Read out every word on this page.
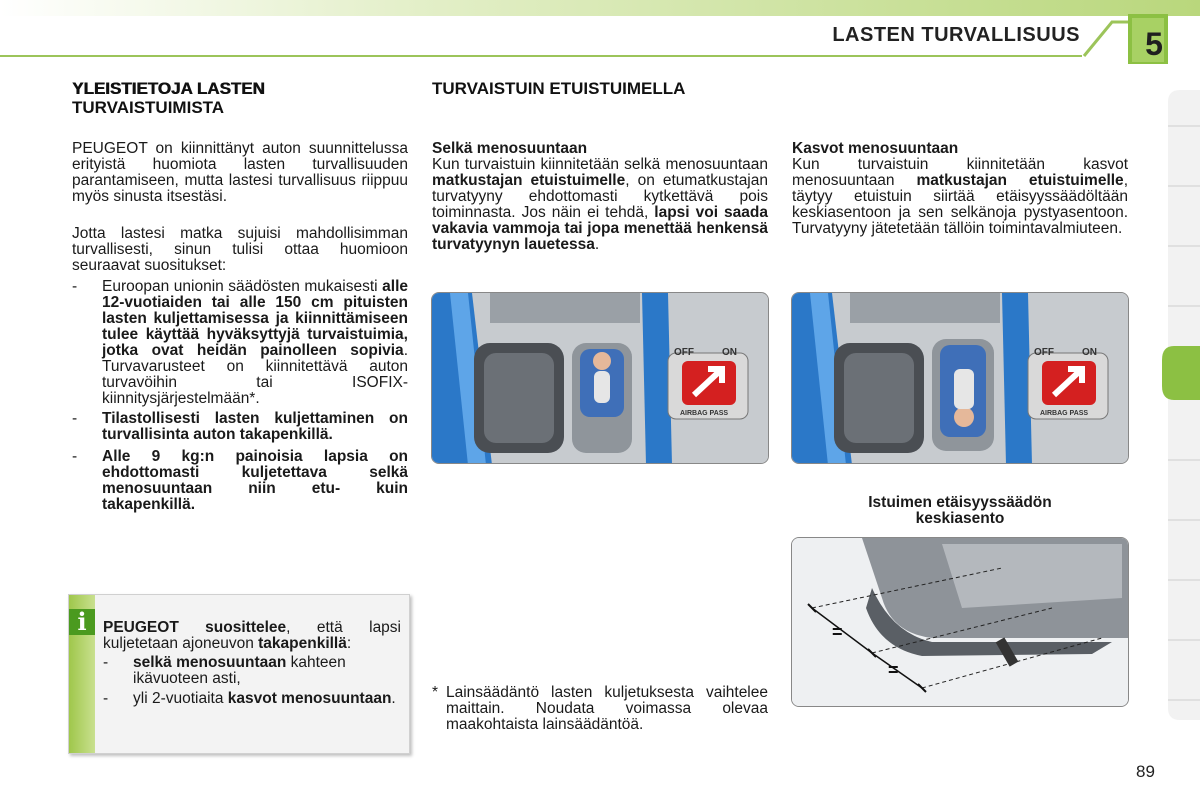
LASTEN TURVALLISUUS 5
YLEISTIETOJA LASTEN
TURVAISTUIMISTA

PEUGEOT on kiinnittänyt auton suunnittelussa erityistä huomiota lasten turvallisuuden parantamiseen, mutta lastesi turvallisuus riippuu myös sinusta itsestäsi.

Jotta lastesi matka sujuisi mahdollisimman turvallisesti, sinun tulisi ottaa huomioon seuraavat suositukset:

-	Euroopan unionin säädösten mukaisesti alle 12-vuotiaiden tai alle 150 cm pituisten lasten kuljettamisessa ja kiinnittämiseen tulee käyttää hyväksyttyjä turvaistuimia, jotka ovat heidän painolleen sopivia. Turvavarusteet on kiinnitettävä auton turvavöihin tai ISOFIX-kiinnitysjärjestelmään*.
-	Tilastollisesti lasten kuljettaminen on turvallisinta auton takapenkillä.
-	Alle 9 kg:n painoisia lapsia on ehdottomasti kuljetettava selkä menosuuntaan niin etu- kuin takapenkillä.
i	PEUGEOT suosittelee, että lapsi kuljetetaan ajoneuvon takapenkillä:

-	selkä menosuuntaan kahteen ikävuoteen asti,
-	yli 2-vuotiaita kasvot menosuuntaan.
TURVAISTUIN ETUISTUIMELLA
Selkä menosuuntaan

Kun turvaistuin kiinnitetään selkä menosuuntaan matkustajan etuistuimelle, on etumatkustajan turvatyyny ehdottomasti kytkettävä pois toiminnasta. Jos näin ei tehdä, lapsi voi saada vakavia vammoja tai jopa menettää henkensä turvatyynyn lauetessa.

Kasvot menosuuntaan

Kun turvaistuin kiinnitetään kasvot menosuuntaan matkustajan etuistuimelle, täytyy etuistuin siirtää etäisyyssäädöltään keskiasentoon ja sen selkänoja pystyasentoon. Turvatyyny jätetetään tällöin toimintavalmiuteen.

OFF	ON
AIRBAG PASS
OFF	ON
AIRBAG PASS
Istuimen etäisyyssäädön
keskiasento
=
=
* Lainsäädäntö lasten kuljetuksesta vaihtelee maittain. Noudata voimassa olevaa maakohtaista lainsäädäntöä.
89
